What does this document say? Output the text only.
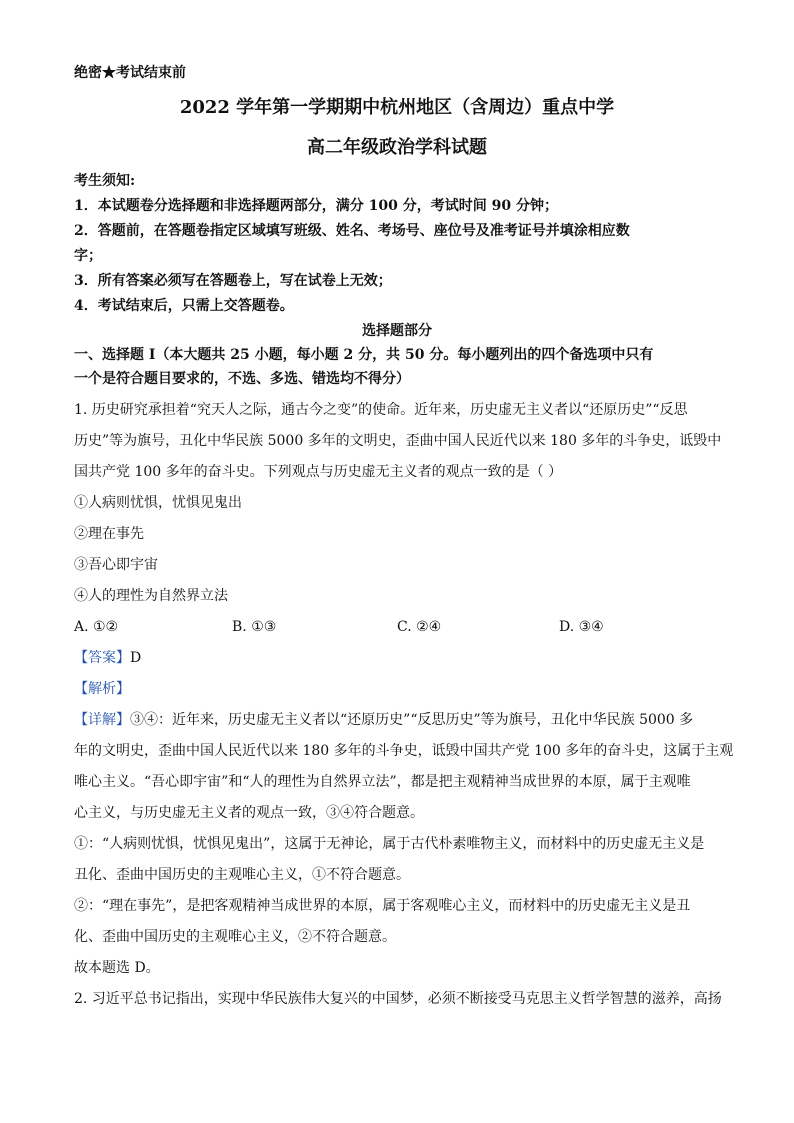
绝密★考试结束前
2022 学年第一学期期中杭州地区（含周边）重点中学
高二年级政治学科试题
考生须知:
1．本试题卷分选择题和非选择题两部分，满分 100 分，考试时间 90 分钟；
2．答题前，在答题卷指定区域填写班级、姓名、考场号、座位号及准考证号并填涂相应数
字；
3．所有答案必须写在答题卷上，写在试卷上无效；
4．考试结束后，只需上交答题卷。
选择题部分
一、选择题 I（本大题共 25 小题，每小题 2 分，共 50 分。每小题列出的四个备选项中只有
一个是符合题目要求的，不选、多选、错选均不得分）
1. 历史研究承担着“究天人之际，通古今之变”的使命。近年来，历史虚无主义者以“还原历史”“反思
历史”等为旗号，丑化中华民族 5000 多年的文明史，歪曲中国人民近代以来 180 多年的斗争史，诋毁中
国共产党 100 多年的奋斗史。下列观点与历史虚无主义者的观点一致的是（ ）
①人病则忧惧，忧惧见鬼出
②理在事先
③吾心即宇宙
④人的理性为自然界立法
A. ①②	B. ①③	C. ②④	D. ③④
【答案】D
【解析】
【详解】③④：近年来，历史虚无主义者以“还原历史”“反思历史”等为旗号，丑化中华民族 5000 多
年的文明史，歪曲中国人民近代以来 180 多年的斗争史，诋毁中国共产党 100 多年的奋斗史，这属于主观
唯心主义。“吾心即宇宙”和“人的理性为自然界立法”，都是把主观精神当成世界的本原，属于主观唯
心主义，与历史虚无主义者的观点一致，③④符合题意。
①：“人病则忧惧，忧惧见鬼出”，这属于无神论，属于古代朴素唯物主义，而材料中的历史虚无主义是
丑化、歪曲中国历史的主观唯心主义，①不符合题意。
②：“理在事先”，是把客观精神当成世界的本原，属于客观唯心主义，而材料中的历史虚无主义是丑
化、歪曲中国历史的主观唯心主义，②不符合题意。
故本题选 D。
2. 习近平总书记指出，实现中华民族伟大复兴的中国梦，必须不断接受马克思主义哲学智慧的滋养，高扬
